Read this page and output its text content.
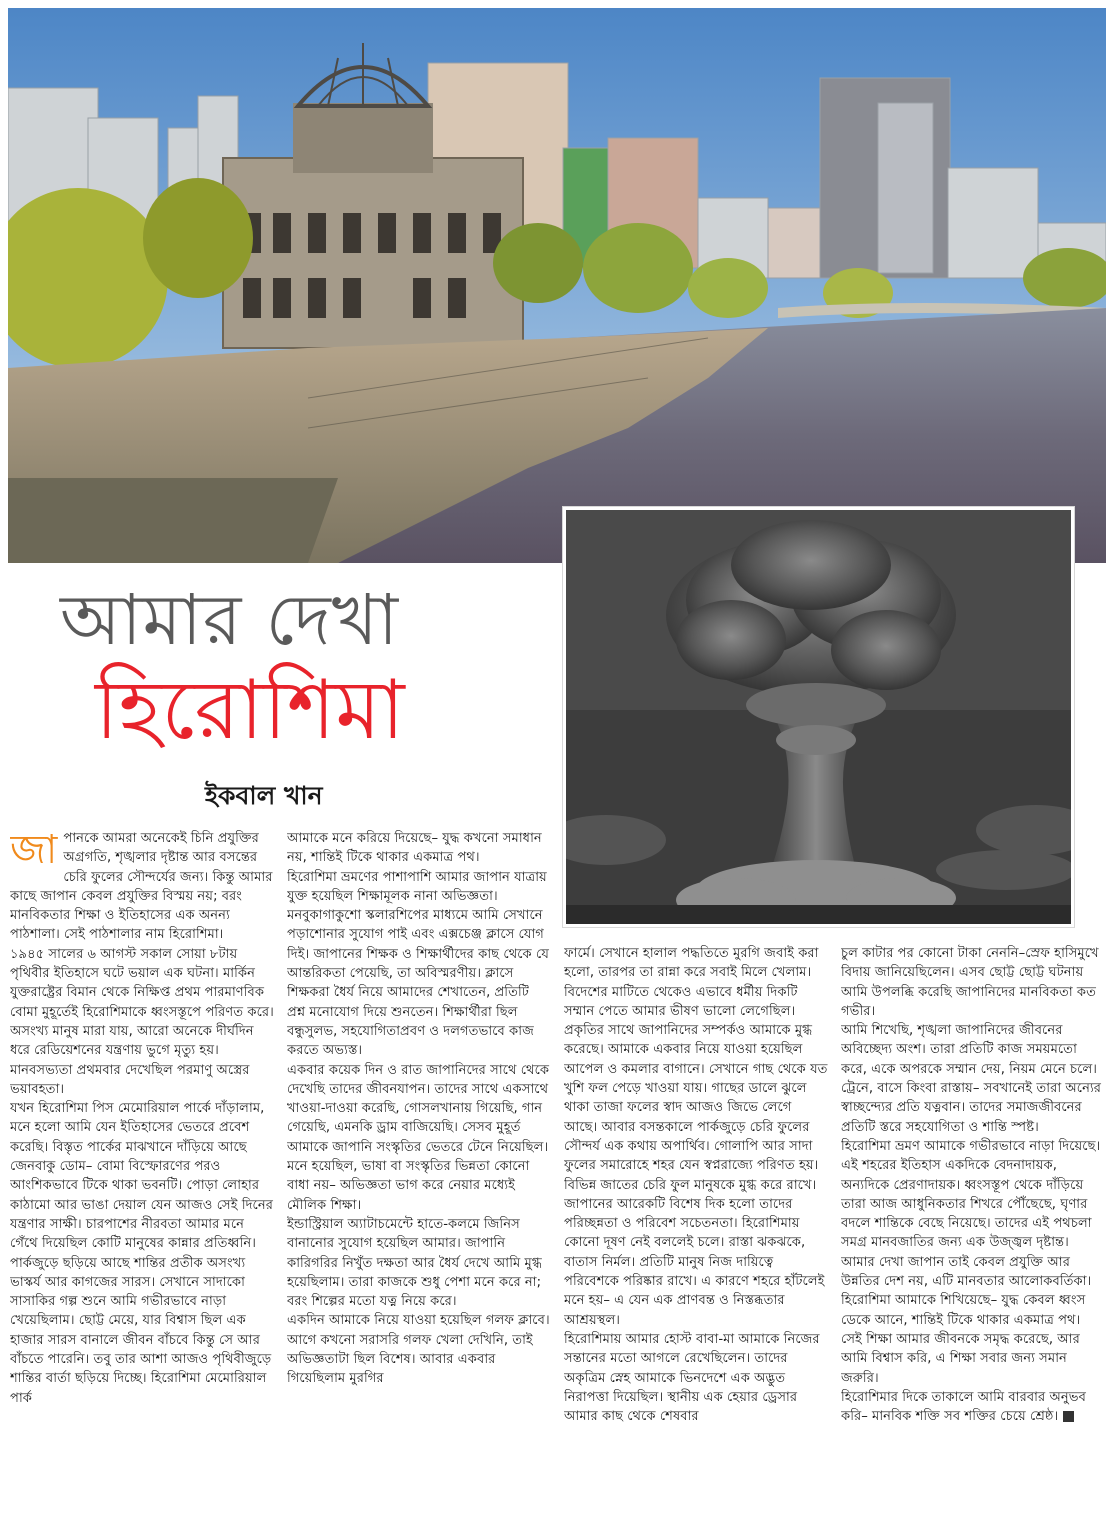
আমার দেখা
হিরোশিমা
ইকবাল খান

জাপানকে আমরা অনেকেই চিনি প্রযুক্তির অগ্রগতি, শৃঙ্খলার দৃষ্টান্ত আর বসন্তের চেরি ফুলের সৌন্দর্যের জন্য। কিন্তু আমার কাছে জাপান কেবল প্রযুক্তির বিস্ময় নয়; বরং মানবিকতার শিক্ষা ও ইতিহাসের এক অনন্য পাঠশালা। সেই পাঠশালার নাম হিরোশিমা।

১৯৪৫ সালের ৬ আগস্ট সকাল সোয়া ৮টায় পৃথিবীর ইতিহাসে ঘটে ভয়াল এক ঘটনা। মার্কিন যুক্তরাষ্ট্রের বিমান থেকে নিক্ষিপ্ত প্রথম পারমাণবিক বোমা মুহূর্তেই হিরোশিমাকে ধ্বংসস্তূপে পরিণত করে। অসংখ্য মানুষ মারা যায়, আরো অনেকে দীর্ঘদিন ধরে রেডিয়েশনের যন্ত্রণায় ভুগে মৃত্যু হয়। মানবসভ্যতা প্রথমবার দেখেছিল পরমাণু অস্ত্রের ভয়াবহতা।

যখন হিরোশিমা পিস মেমোরিয়াল পার্কে দাঁড়ালাম, মনে হলো আমি যেন ইতিহাসের ভেতরে প্রবেশ করেছি। বিস্তৃত পার্কের মাঝখানে দাঁড়িয়ে আছে জেনবাকু ডোম– বোমা বিস্ফোরণের পরও আংশিকভাবে টিকে থাকা ভবনটি। পোড়া লোহার কাঠামো আর ভাঙা দেয়াল যেন আজও সেই দিনের যন্ত্রণার সাক্ষী। চারপাশের নীরবতা আমার মনে গেঁথে দিয়েছিল কোটি মানুষের কান্নার প্রতিধ্বনি। পার্কজুড়ে ছড়িয়ে আছে শান্তির প্রতীক অসংখ্য ভাস্কর্য আর কাগজের সারস। সেখানে সাদাকো সাসাকির গল্প শুনে আমি গভীরভাবে নাড়া খেয়েছিলাম। ছোট্ট মেয়ে, যার বিশ্বাস ছিল এক হাজার সারস বানালে জীবন বাঁচবে কিন্তু সে আর বাঁচতে পারেনি। তবু তার আশা আজও পৃথিবীজুড়ে শান্তির বার্তা ছড়িয়ে দিচ্ছে। হিরোশিমা মেমোরিয়াল পার্ক

আমাকে মনে করিয়ে দিয়েছে– যুদ্ধ কখনো সমাধান নয়, শান্তিই টিকে থাকার একমাত্র পথ।

হিরোশিমা ভ্রমণের পাশাপাশি আমার জাপান যাত্রায় যুক্ত হয়েছিল শিক্ষামূলক নানা অভিজ্ঞতা। মনবুকাগাকুশো স্কলারশিপের মাধ্যমে আমি সেখানে পড়াশোনার সুযোগ পাই এবং এক্সচেঞ্জ ক্লাসে যোগ দিই। জাপানের শিক্ষক ও শিক্ষার্থীদের কাছ থেকে যে আন্তরিকতা পেয়েছি, তা অবিস্মরণীয়। ক্লাসে শিক্ষকরা ধৈর্য নিয়ে আমাদের শেখাতেন, প্রতিটি প্রশ্ন মনোযোগ দিয়ে শুনতেন। শিক্ষার্থীরা ছিল বন্ধুসুলভ, সহযোগিতাপ্রবণ ও দলগতভাবে কাজ করতে অভ্যস্ত।

একবার কয়েক দিন ও রাত জাপানিদের সাথে থেকে দেখেছি তাদের জীবনযাপন। তাদের সাথে একসাথে খাওয়া-দাওয়া করেছি, গোসলখানায় গিয়েছি, গান গেয়েছি, এমনকি ড্রাম বাজিয়েছি। সেসব মুহূর্ত আমাকে জাপানি সংস্কৃতির ভেতরে টেনে নিয়েছিল। মনে হয়েছিল, ভাষা বা সংস্কৃতির ভিন্নতা কোনো বাধা নয়– অভিজ্ঞতা ভাগ করে নেয়ার মধ্যেই মৌলিক শিক্ষা।

ইন্ডাস্ট্রিয়াল অ্যাটাচমেন্টে হাতে-কলমে জিনিস বানানোর সুযোগ হয়েছিল আমার। জাপানি কারিগরির নিখুঁত দক্ষতা আর ধৈর্য দেখে আমি মুগ্ধ হয়েছিলাম। তারা কাজকে শুধু পেশা মনে করে না; বরং শিল্পের মতো যত্ন নিয়ে করে।

একদিন আমাকে নিয়ে যাওয়া হয়েছিল গলফ ক্লাবে। আগে কখনো সরাসরি গলফ খেলা দেখিনি, তাই অভিজ্ঞতাটা ছিল বিশেষ। আবার একবার গিয়েছিলাম মুরগির

ফার্মে। সেখানে হালাল পদ্ধতিতে মুরগি জবাই করা হলো, তারপর তা রান্না করে সবাই মিলে খেলাম। বিদেশের মাটিতে থেকেও এভাবে ধর্মীয় দিকটি সম্মান পেতে আমার ভীষণ ভালো লেগেছিল।

প্রকৃতির সাথে জাপানিদের সম্পর্কও আমাকে মুগ্ধ করেছে। আমাকে একবার নিয়ে যাওয়া হয়েছিল আপেল ও কমলার বাগানে। সেখানে গাছ থেকে যত খুশি ফল পেড়ে খাওয়া যায়। গাছের ডালে ঝুলে থাকা তাজা ফলের স্বাদ আজও জিভে লেগে আছে। আবার বসন্তকালে পার্কজুড়ে চেরি ফুলের সৌন্দর্য এক কথায় অপার্থিব। গোলাপি আর সাদা ফুলের সমারোহে শহর যেন স্বপ্নরাজ্যে পরিণত হয়। বিভিন্ন জাতের চেরি ফুল মানুষকে মুগ্ধ করে রাখে।

জাপানের আরেকটি বিশেষ দিক হলো তাদের পরিচ্ছন্নতা ও পরিবেশ সচেতনতা। হিরোশিমায় কোনো দূষণ নেই বললেই চলে। রাস্তা ঝকঝকে, বাতাস নির্মল। প্রতিটি মানুষ নিজ দায়িত্বে পরিবেশকে পরিষ্কার রাখে। এ কারণে শহরে হাঁটলেই মনে হয়– এ যেন এক প্রাণবন্ত ও নিস্তব্ধতার আশ্রয়স্থল।

হিরোশিমায় আমার হোস্ট বাবা-মা আমাকে নিজের সন্তানের মতো আগলে রেখেছিলেন। তাদের অকৃত্রিম স্নেহ আমাকে ভিনদেশে এক অদ্ভুত নিরাপত্তা দিয়েছিল। স্থানীয় এক হেয়ার ড্রেসার আমার কাছ থেকে শেষবার

চুল কাটার পর কোনো টাকা নেননি–স্রেফ হাসিমুখে বিদায় জানিয়েছিলেন। এসব ছোট্ট ছোট্ট ঘটনায় আমি উপলব্ধি করেছি জাপানিদের মানবিকতা কত গভীর।

আমি শিখেছি, শৃঙ্খলা জাপানিদের জীবনের অবিচ্ছেদ্য অংশ। তারা প্রতিটি কাজ সময়মতো করে, একে অপরকে সম্মান দেয়, নিয়ম মেনে চলে। ট্রেনে, বাসে কিংবা রাস্তায়– সবখানেই তারা অন্যের স্বাচ্ছন্দ্যের প্রতি যত্নবান। তাদের সমাজজীবনের প্রতিটি স্তরে সহযোগিতা ও শান্তি স্পষ্ট।

হিরোশিমা ভ্রমণ আমাকে গভীরভাবে নাড়া দিয়েছে। এই শহরের ইতিহাস একদিকে বেদনাদায়ক, অন্যদিকে প্রেরণাদায়ক। ধ্বংসস্তূপ থেকে দাঁড়িয়ে তারা আজ আধুনিকতার শিখরে পৌঁছেছে, ঘৃণার বদলে শান্তিকে বেছে নিয়েছে। তাদের এই পথচলা সমগ্র মানবজাতির জন্য এক উজ্জ্বল দৃষ্টান্ত।

আমার দেখা জাপান তাই কেবল প্রযুক্তি আর উন্নতির দেশ নয়, এটি মানবতার আলোকবর্তিকা। হিরোশিমা আমাকে শিখিয়েছে– যুদ্ধ কেবল ধ্বংস ডেকে আনে, শান্তিই টিকে থাকার একমাত্র পথ। সেই শিক্ষা আমার জীবনকে সমৃদ্ধ করেছে, আর আমি বিশ্বাস করি, এ শিক্ষা সবার জন্য সমান জরুরি।

হিরোশিমার দিকে তাকালে আমি বারবার অনুভব করি– মানবিক শক্তি সব শক্তির চেয়ে শ্রেষ্ঠ।
